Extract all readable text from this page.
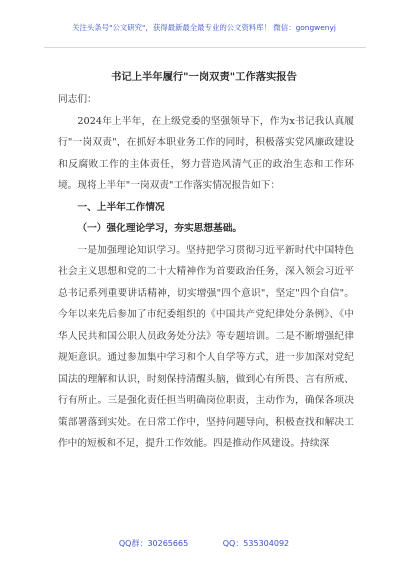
关注头条号"公文研究"，获得最新最全最专业的公文资料库！ 微信：gongwenyj
书记上半年履行"一岗双责"工作落实报告

同志们：

2024年上半年，在上级党委的坚强领导下，作为x书记我认真履行"一岗双责"，在抓好本职业务工作的同时，积极落实党风廉政建设和反腐败工作的主体责任，努力营造风清气正的政治生态和工作环境。现将上半年"一岗双责"工作落实情况报告如下：

一、上半年工作情况

（一）强化理论学习，夯实思想基础。

一是加强理论知识学习。坚持把学习贯彻习近平新时代中国特色社会主义思想和党的二十大精神作为首要政治任务，深入领会习近平总书记系列重要讲话精神，切实增强"四个意识"，坚定"四个自信"。今年以来先后参加了市纪委组织的《中国共产党纪律处分条例》、《中华人民共和国公职人员政务处分法》等专题培训。二是不断增强纪律规矩意识。通过参加集中学习和个人自学等方式，进一步加深对党纪国法的理解和认识，时刻保持清醒头脑，做到心有所畏、言有所戒、行有所止。三是强化责任担当明确岗位职责，主动作为，确保各项决策部署落到实处。在日常工作中，坚持问题导向，积极查找和解决工作中的短板和不足，提升工作效能。四是推动作风建设。持续深

QQ群：30265665	QQ：535304092
